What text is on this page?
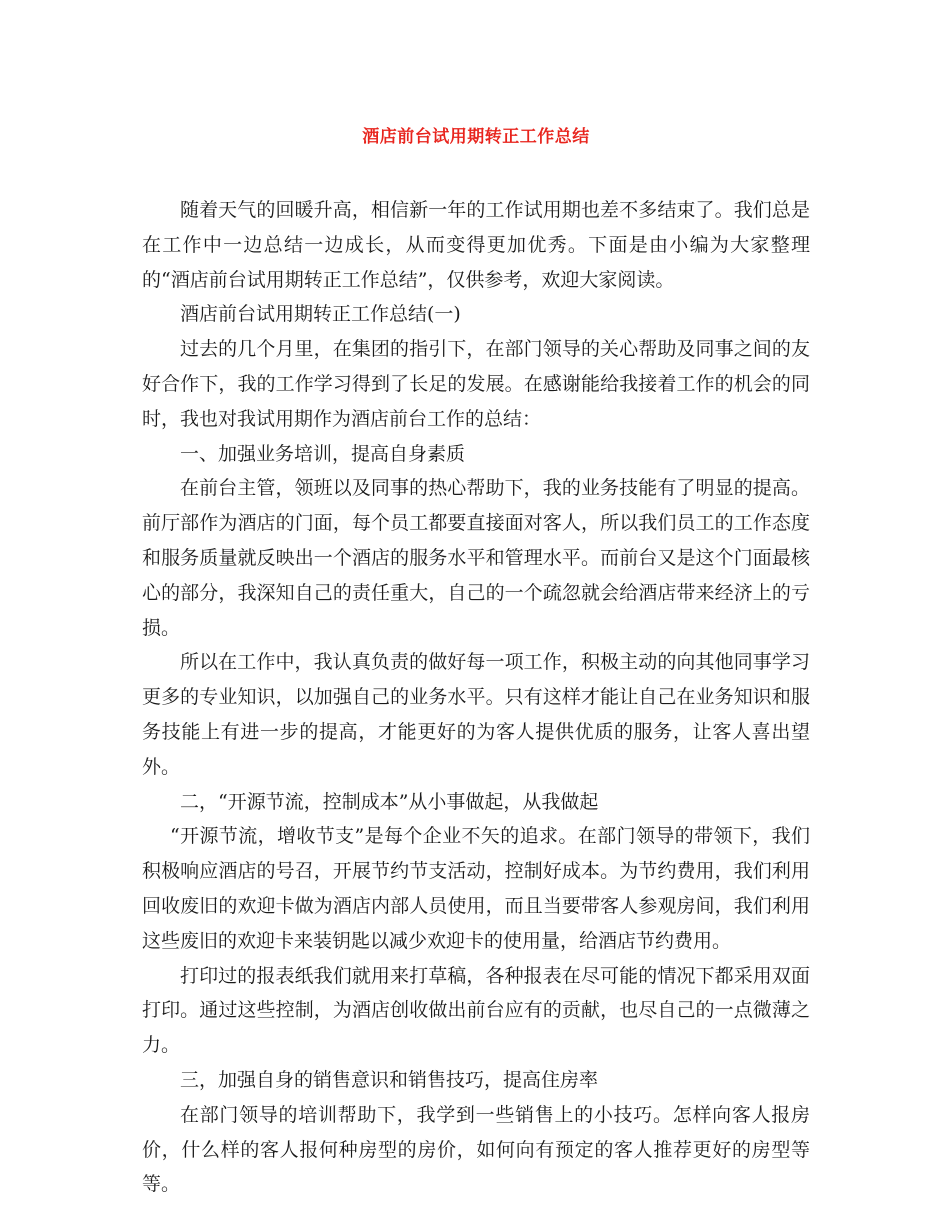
酒店前台试用期转正工作总结

随着天气的回暖升高，相信新一年的工作试用期也差不多结束了。我们总是在工作中一边总结一边成长，从而变得更加优秀。下面是由小编为大家整理的“酒店前台试用期转正工作总结”，仅供参考，欢迎大家阅读。

酒店前台试用期转正工作总结(一)

过去的几个月里，在集团的指引下，在部门领导的关心帮助及同事之间的友好合作下，我的工作学习得到了长足的发展。在感谢能给我接着工作的机会的同时，我也对我试用期作为酒店前台工作的总结：

一、加强业务培训，提高自身素质

在前台主管，领班以及同事的热心帮助下，我的业务技能有了明显的提高。前厅部作为酒店的门面，每个员工都要直接面对客人，所以我们员工的工作态度和服务质量就反映出一个酒店的服务水平和管理水平。而前台又是这个门面最核心的部分，我深知自己的责任重大，自己的一个疏忽就会给酒店带来经济上的亏损。

所以在工作中，我认真负责的做好每一项工作，积极主动的向其他同事学习更多的专业知识，以加强自己的业务水平。只有这样才能让自己在业务知识和服务技能上有进一步的提高，才能更好的为客人提供优质的服务，让客人喜出望外。

二，“开源节流，控制成本”从小事做起，从我做起

“开源节流，增收节支”是每个企业不矢的追求。在部门领导的带领下，我们积极响应酒店的号召，开展节约节支活动，控制好成本。为节约费用，我们利用回收废旧的欢迎卡做为酒店内部人员使用，而且当要带客人参观房间，我们利用这些废旧的欢迎卡来装钥匙以减少欢迎卡的使用量，给酒店节约费用。

打印过的报表纸我们就用来打草稿，各种报表在尽可能的情况下都采用双面打印。通过这些控制，为酒店创收做出前台应有的贡献，也尽自己的一点微薄之力。

三，加强自身的销售意识和销售技巧，提高住房率

在部门领导的培训帮助下，我学到一些销售上的小技巧。怎样向客人报房价，什么样的客人报何种房型的房价，如何向有预定的客人推荐更好的房型等等。
